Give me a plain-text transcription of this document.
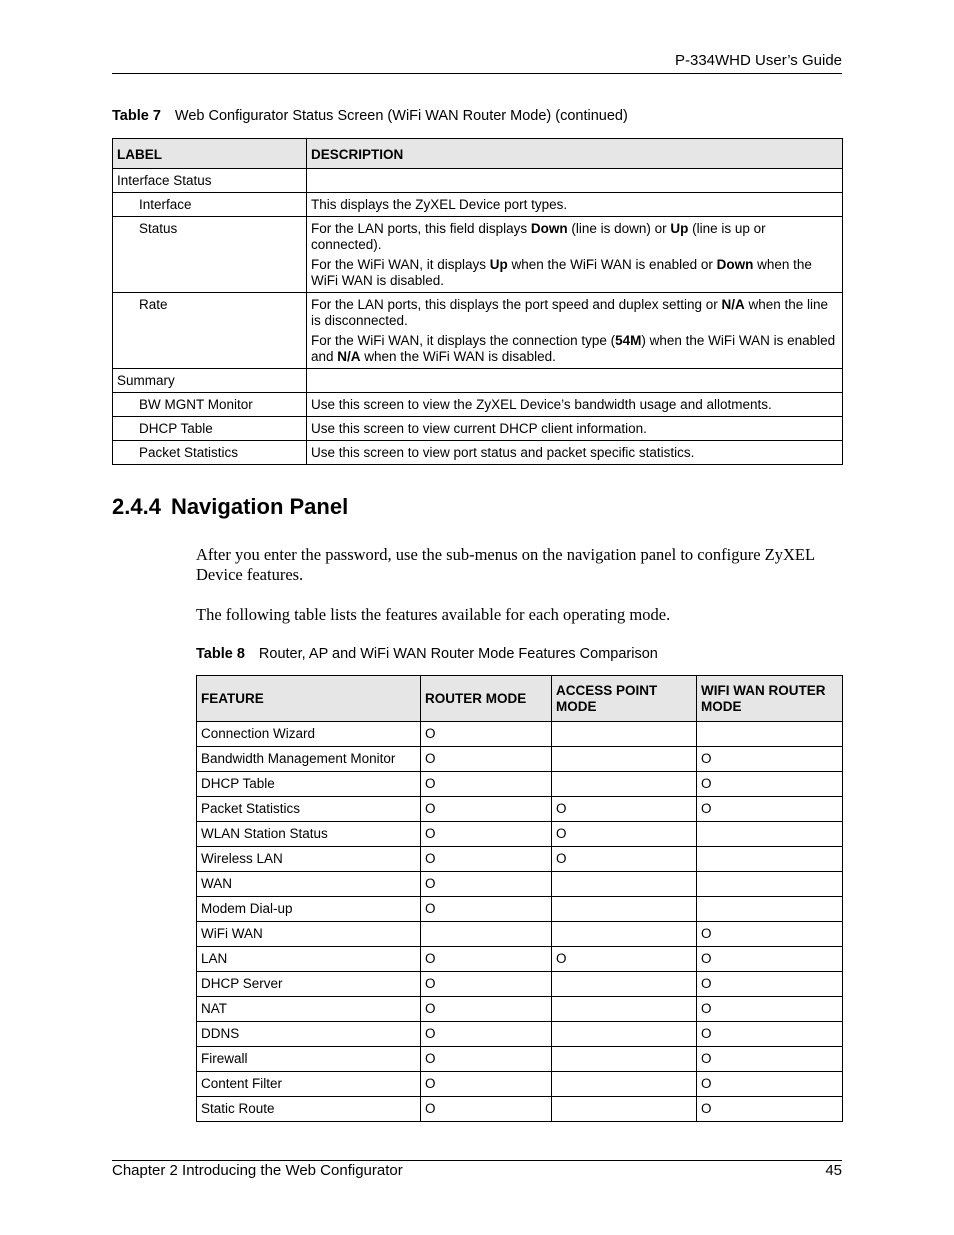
P-334WHD User’s Guide
Table 7 Web Configurator Status Screen (WiFi WAN Router Mode) (continued)
LABEL	DESCRIPTION
Interface Status	
Interface	This displays the ZyXEL Device port types.
Status	For the LAN ports, this field displays Down (line is down) or Up (line is up or connected).

For the WiFi WAN, it displays Up when the WiFi WAN is enabled or Down when the WiFi WAN is disabled.

Rate	For the LAN ports, this displays the port speed and duplex setting or N/A when the line is disconnected.

For the WiFi WAN, it displays the connection type (54M) when the WiFi WAN is enabled and N/A when the WiFi WAN is disabled.

Summary	
BW MGNT Monitor	Use this screen to view the ZyXEL Device’s bandwidth usage and allotments.
DHCP Table	Use this screen to view current DHCP client information.
Packet Statistics	Use this screen to view port status and packet specific statistics.
2.4.4 Navigation Panel
After you enter the password, use the sub-menus on the navigation panel to configure ZyXEL Device features.
The following table lists the features available for each operating mode.
Table 8 Router, AP and WiFi WAN Router Mode Features Comparison
FEATURE	ROUTER MODE	ACCESS POINT MODE	WIFI WAN ROUTER MODE
Connection Wizard	O		
Bandwidth Management Monitor	O		O
DHCP Table	O		O
Packet Statistics	O	O	O
WLAN Station Status	O	O	
Wireless LAN	O	O	
WAN	O		
Modem Dial-up	O		
WiFi WAN			O
LAN	O	O	O
DHCP Server	O		O
NAT	O		O
DDNS	O		O
Firewall	O		O
Content Filter	O		O
Static Route	O		O
Chapter 2 Introducing the Web Configurator	45
